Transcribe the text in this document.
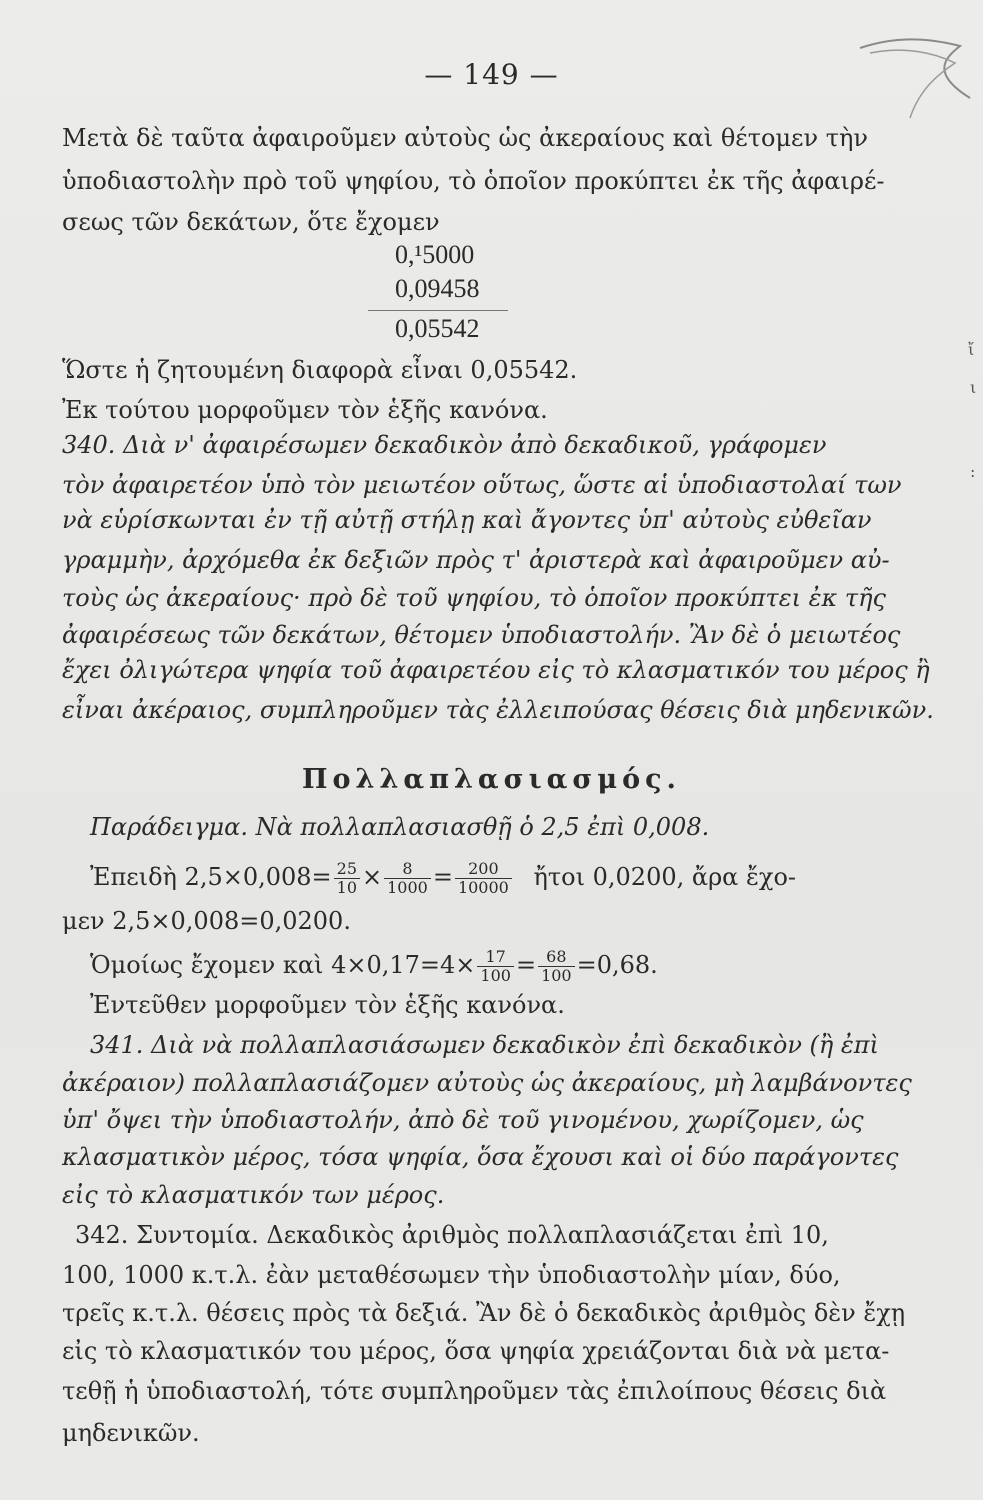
— 149 —
Μετὰ δὲ ταῦτα ἀφαιροῦμεν αὐτοὺς ὡς ἀκεραίους καὶ θέτομεν τὴν
ὑποδιαστολὴν πρὸ τοῦ ψηφίου, τὸ ὁποῖον προκύπτει ἐκ τῆς ἀφαιρέ-
σεως τῶν δεκάτων, ὅτε ἔχομεν
0,¹5000
0,09458
0,05542
Ὥστε ἡ ζητουμένη διαφορὰ εἶναι 0,05542.
Ἐκ τούτου μορφοῦμεν τὸν ἑξῆς κανόνα.
340. Διὰ ν' ἀφαιρέσωμεν δεκαδικὸν ἀπὸ δεκαδικοῦ, γράφομεν
τὸν ἀφαιρετέον ὑπὸ τὸν μειωτέον οὕτως, ὥστε αἱ ὑποδιαστολαί των
νὰ εὑρίσκωνται ἐν τῇ αὐτῇ στήλῃ καὶ ἄγοντες ὑπ' αὐτοὺς εὐθεῖαν
γραμμὴν, ἀρχόμεθα ἐκ δεξιῶν πρὸς τ' ἀριστερὰ καὶ ἀφαιροῦμεν αὐ-
τοὺς ὡς ἀκεραίους· πρὸ δὲ τοῦ ψηφίου, τὸ ὁποῖον προκύπτει ἐκ τῆς
ἀφαιρέσεως τῶν δεκάτων, θέτομεν ὑποδιαστολήν. Ἂν δὲ ὁ μειωτέος
ἔχει ὀλιγώτερα ψηφία τοῦ ἀφαιρετέου εἰς τὸ κλασματικόν του μέρος ἢ
εἶναι ἀκέραιος, συμπληροῦμεν τὰς ἐλλειπούσας θέσεις διὰ μηδενικῶν.
Πολλαπλασιασμός.
Παράδειγμα. Νὰ πολλαπλασιασθῇ ὁ 2,5 ἐπὶ 0,008.
Ἐπειδὴ $2,5\times 0,008= \frac{25}{10} \times \frac{8}{1000} = \frac{200}{10000}$ ἤτοι 0,0200, ἄρα ἔχο-
μεν 2,5×0,008=0,0200.
Ὁμοίως ἔχομεν καὶ $4\times 0,17=4\times \frac{17}{100} = \frac{68}{100} =0,68$.
Ἐντεῦθεν μορφοῦμεν τὸν ἑξῆς κανόνα.
341. Διὰ νὰ πολλαπλασιάσωμεν δεκαδικὸν ἐπὶ δεκαδικὸν (ἢ ἐπὶ
ἀκέραιον) πολλαπλασιάζομεν αὐτοὺς ὡς ἀκεραίους, μὴ λαμβάνοντες
ὑπ' ὄψει τὴν ὑποδιαστολήν, ἀπὸ δὲ τοῦ γινομένου, χωρίζομεν, ὡς
κλασματικὸν μέρος, τόσα ψηφία, ὅσα ἔχουσι καὶ οἱ δύο παράγοντες
εἰς τὸ κλασματικόν των μέρος.
342. Συντομία. Δεκαδικὸς ἀριθμὸς πολλαπλασιάζεται ἐπὶ 10,
100, 1000 κ.τ.λ. ἐὰν μεταθέσωμεν τὴν ὑποδιαστολὴν μίαν, δύο,
τρεῖς κ.τ.λ. θέσεις πρὸς τὰ δεξιά. Ἂν δὲ ὁ δεκαδικὸς ἀριθμὸς δὲν ἔχῃ
εἰς τὸ κλασματικόν του μέρος, ὅσα ψηφία χρειάζονται διὰ νὰ μετα-
τεθῇ ἡ ὑποδιαστολή, τότε συμπληροῦμεν τὰς ἐπιλοίπους θέσεις διὰ
μηδενικῶν.
ἴ
ι
:
